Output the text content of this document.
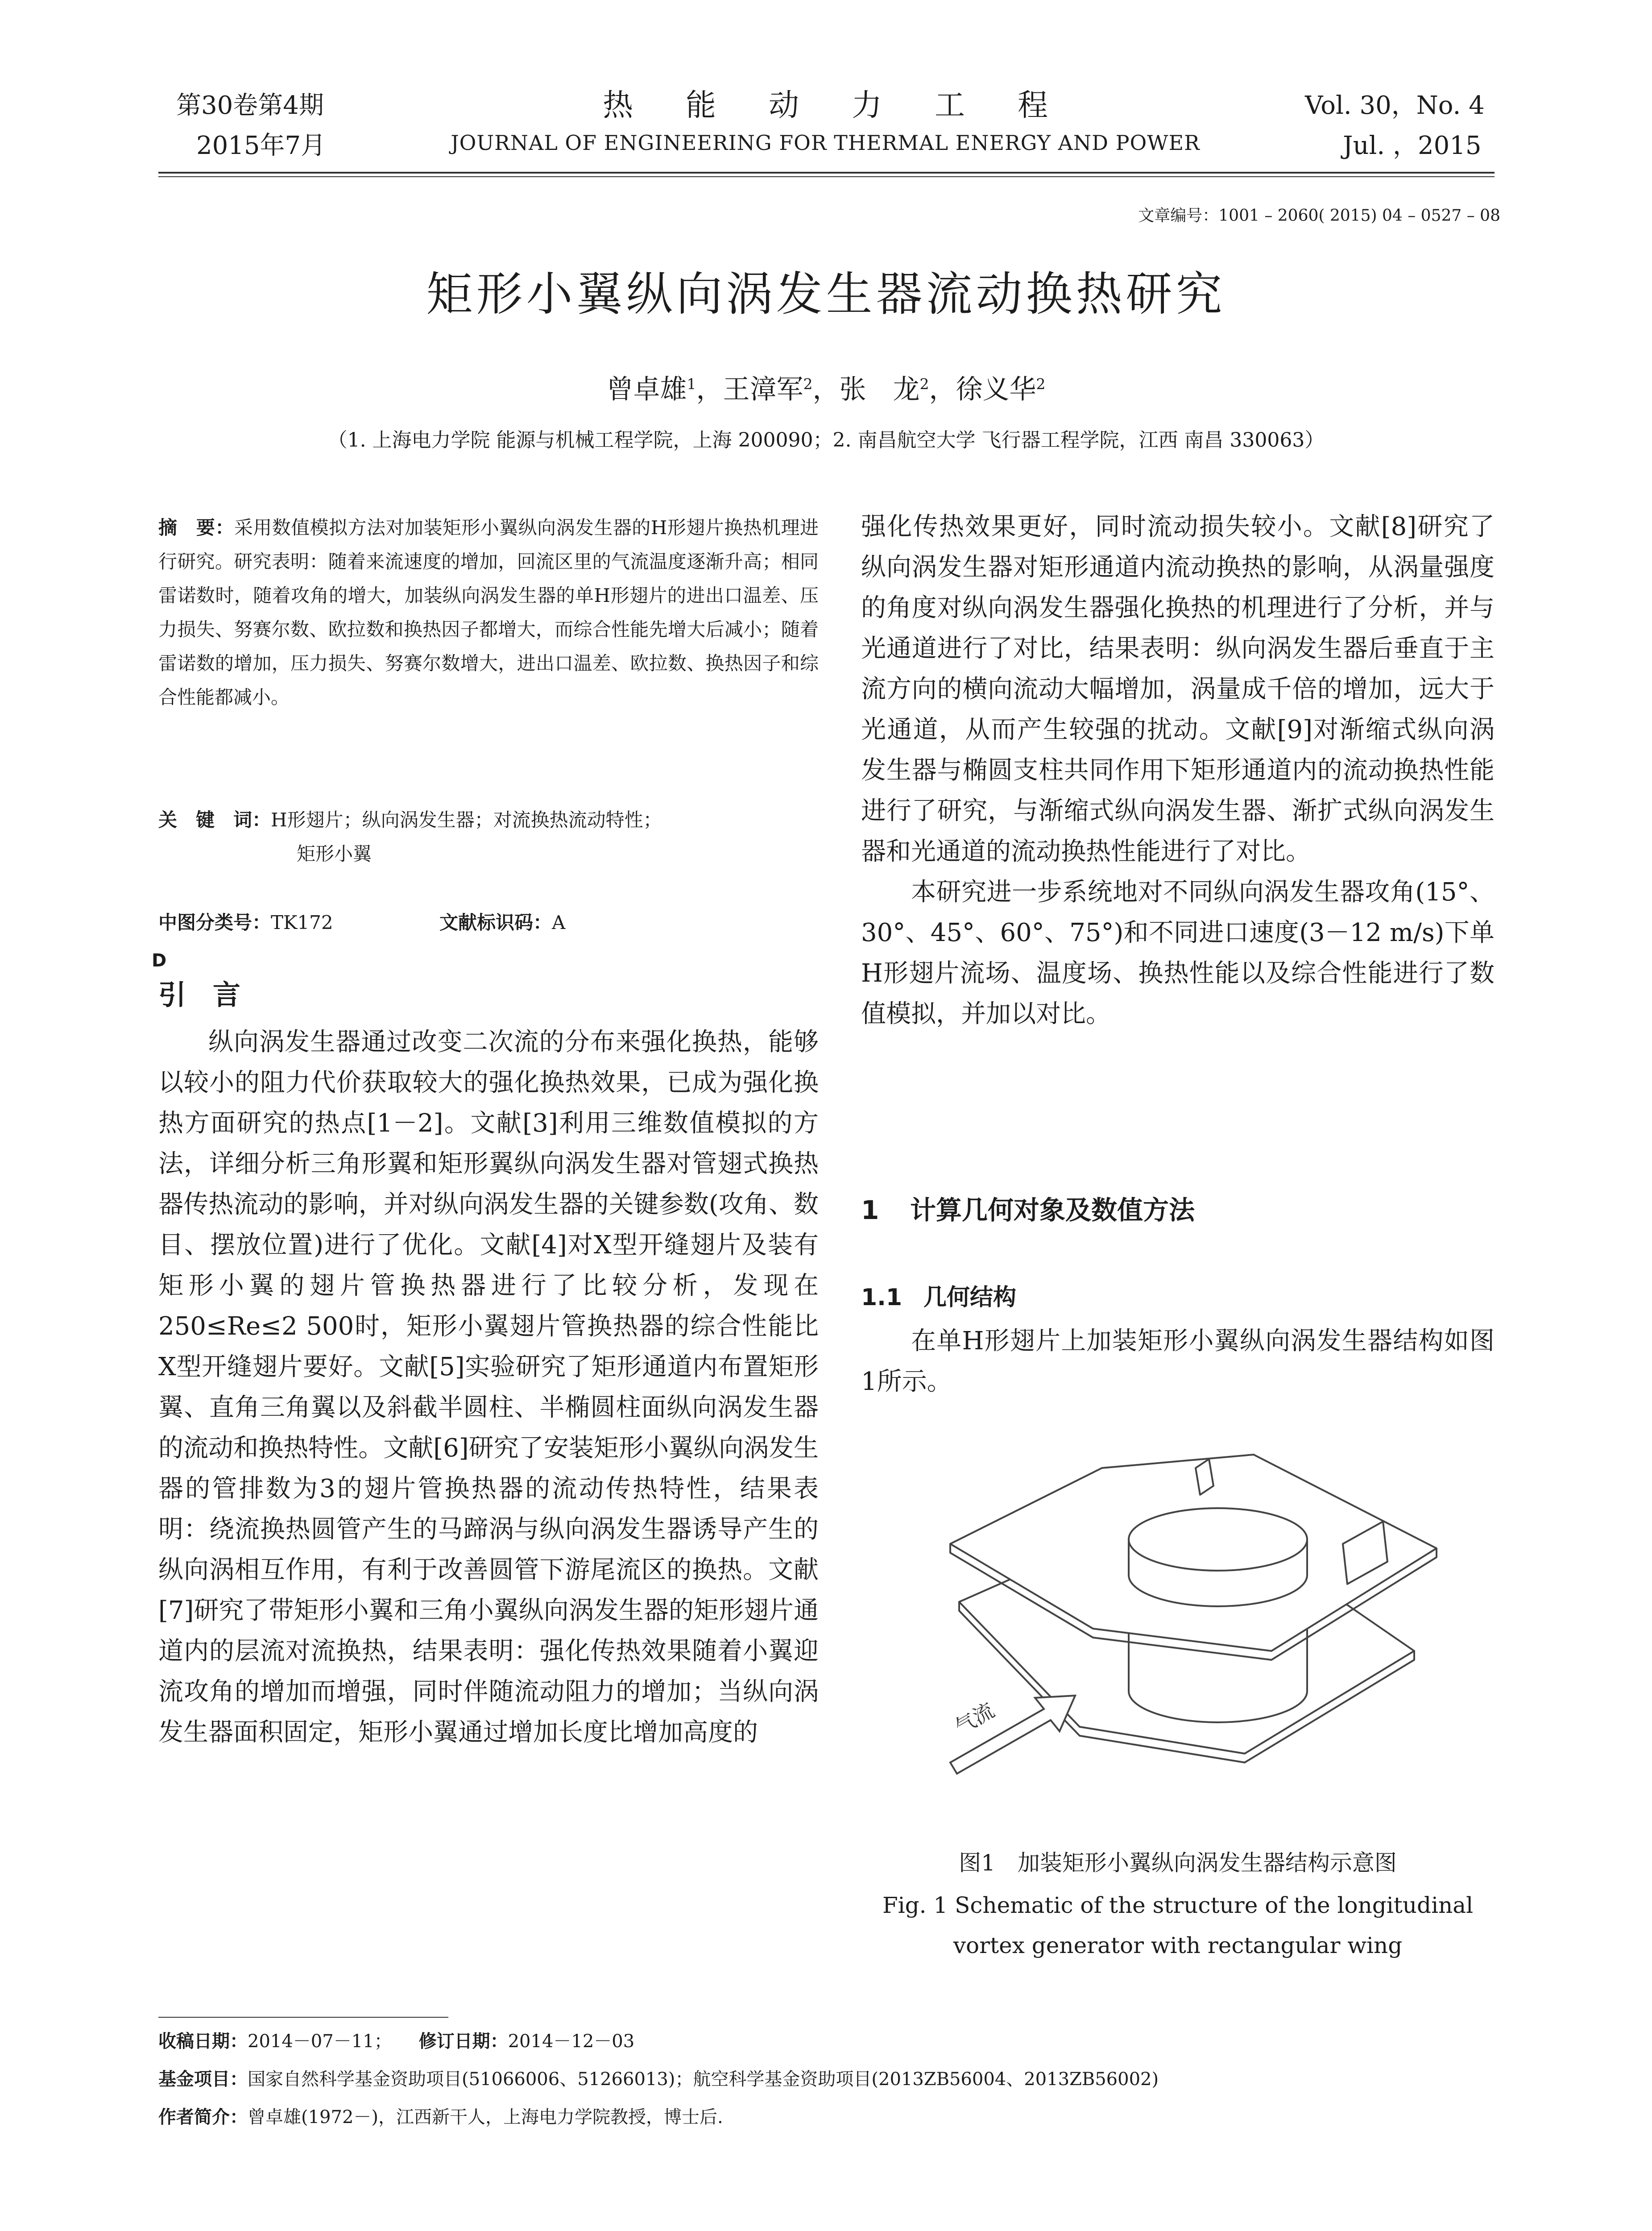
第30卷第4期
2015年7月
热能动力工程
JOURNAL OF ENGINEERING FOR THERMAL ENERGY AND POWER
Vol. 30，No. 4
Jul. ，2015
文章编号：1001 – 2060( 2015) 04 – 0527 – 08
矩形小翼纵向涡发生器流动换热研究
曾卓雄$^1$，王漳军$^2$，张　龙$^2$，徐义华$^2$
（1. 上海电力学院 能源与机械工程学院，上海 200090；2. 南昌航空大学 飞行器工程学院，江西 南昌 330063）
摘　要：采用数值模拟方法对加装矩形小翼纵向涡发生器的H形翅片换热机理进行研究。研究表明：随着来流速度的增加，回流区里的气流温度逐渐升高；相同雷诺数时，随着攻角的增大，加装纵向涡发生器的单H形翅片的进出口温差、压力损失、努赛尔数、欧拉数和换热因子都增大，而综合性能先增大后减小；随着雷诺数的增加，压力损失、努赛尔数增大，进出口温差、欧拉数、换热因子和综合性能都减小。
关　键　词：H形翅片；纵向涡发生器；对流换热流动特性；
矩形小翼
中图分类号：TK172	文献标识码：A
D
引言

纵向涡发生器通过改变二次流的分布来强化换热，能够以较小的阻力代价获取较大的强化换热效果，已成为强化换热方面研究的热点[1－2]。文献[3]利用三维数值模拟的方法，详细分析三角形翼和矩形翼纵向涡发生器对管翅式换热器传热流动的影响，并对纵向涡发生器的关键参数(攻角、数目、摆放位置)进行了优化。文献[4]对X型开缝翅片及装有矩形小翼的翅片管换热器进行了比较分析，发现在250≤Re≤2 500时，矩形小翼翅片管换热器的综合性能比X型开缝翅片要好。文献[5]实验研究了矩形通道内布置矩形翼、直角三角翼以及斜截半圆柱、半椭圆柱面纵向涡发生器的流动和换热特性。文献[6]研究了安装矩形小翼纵向涡发生器的管排数为3的翅片管换热器的流动传热特性，结果表明：绕流换热圆管产生的马蹄涡与纵向涡发生器诱导产生的纵向涡相互作用，有利于改善圆管下游尾流区的换热。文献[7]研究了带矩形小翼和三角小翼纵向涡发生器的矩形翅片通道内的层流对流换热，结果表明：强化传热效果随着小翼迎流攻角的增加而增强，同时伴随流动阻力的增加；当纵向涡发生器面积固定，矩形小翼通过增加长度比增加高度的

强化传热效果更好，同时流动损失较小。文献[8]研究了纵向涡发生器对矩形通道内流动换热的影响，从涡量强度的角度对纵向涡发生器强化换热的机理进行了分析，并与光通道进行了对比，结果表明：纵向涡发生器后垂直于主流方向的横向流动大幅增加，涡量成千倍的增加，远大于光通道，从而产生较强的扰动。文献[9]对渐缩式纵向涡发生器与椭圆支柱共同作用下矩形通道内的流动换热性能进行了研究，与渐缩式纵向涡发生器、渐扩式纵向涡发生器和光通道的流动换热性能进行了对比。

本研究进一步系统地对不同纵向涡发生器攻角(15°、30°、45°、60°、75°)和不同进口速度(3－12 m/s)下单H形翅片流场、温度场、换热性能以及综合性能进行了数值模拟，并加以对比。

1 计算几何对象及数值方法
1.1 几何结构

在单H形翅片上加装矩形小翼纵向涡发生器结构如图1所示。

气流
图1　加装矩形小翼纵向涡发生器结构示意图
Fig. 1 Schematic of the structure of the longitudinal
vortex generator with rectangular wing
收稿日期：2014－07－11；　　 修订日期：2014－12－03
基金项目：国家自然科学基金资助项目(51066006、51266013)；航空科学基金资助项目(2013ZB56004、2013ZB56002)
作者简介：曾卓雄(1972－)，江西新干人，上海电力学院教授，博士后.
